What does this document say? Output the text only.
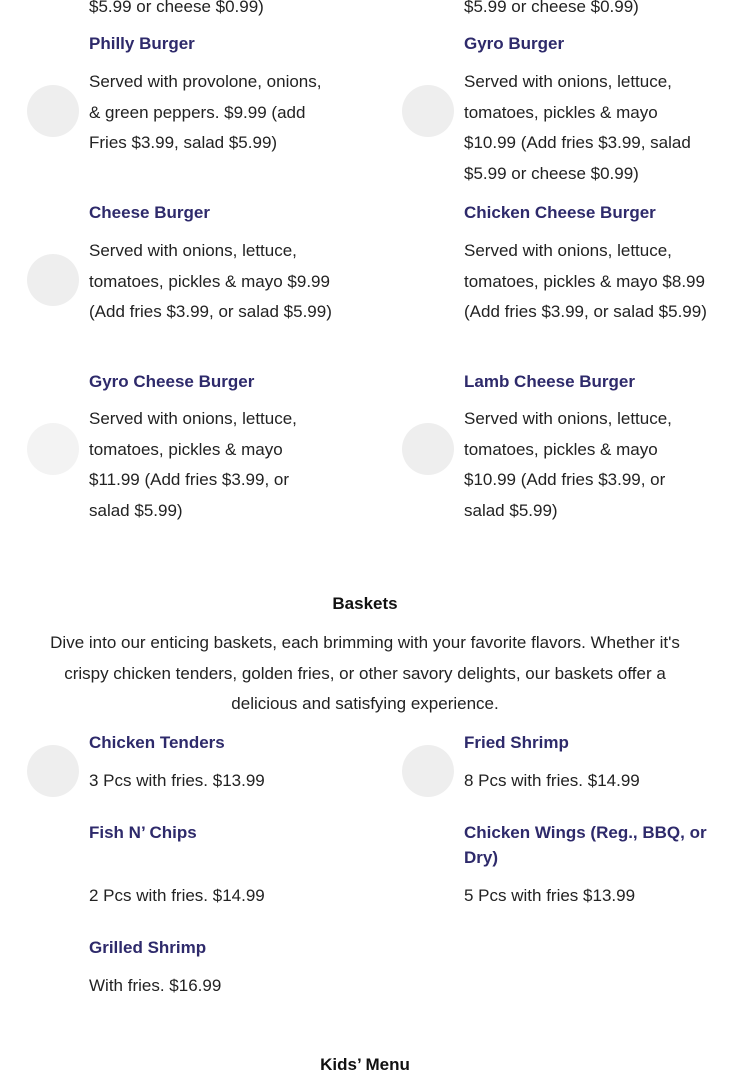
$5.99 or cheese $0.99)	$5.99 or cheese $0.99)
Philly Burger
Served with provolone, onions, & green peppers. $9.99 (add Fries $3.99, salad $5.99)
Gyro Burger
Served with onions, lettuce, tomatoes, pickles & mayo $10.99 (Add fries $3.99, salad $5.99 or cheese $0.99)
Cheese Burger
Served with onions, lettuce, tomatoes, pickles & mayo $9.99 (Add fries $3.99, or salad $5.99)
Chicken Cheese Burger
Served with onions, lettuce, tomatoes, pickles & mayo $8.99 (Add fries $3.99, or salad $5.99)
Gyro Cheese Burger
Served with onions, lettuce, tomatoes, pickles & mayo $11.99 (Add fries $3.99, or salad $5.99)
Lamb Cheese Burger
Served with onions, lettuce, tomatoes, pickles & mayo $10.99 (Add fries $3.99, or salad $5.99)
Baskets
Dive into our enticing baskets, each brimming with your favorite flavors. Whether it's crispy chicken tenders, golden fries, or other savory delights, our baskets offer a delicious and satisfying experience.
Chicken Tenders
3 Pcs with fries. $13.99
Fried Shrimp
8 Pcs with fries. $14.99
Fish N’ Chips
2 Pcs with fries. $14.99
Chicken Wings (Reg., BBQ, or Dry)
5 Pcs with fries $13.99
Grilled Shrimp
With fries. $16.99
Kids’ Menu
